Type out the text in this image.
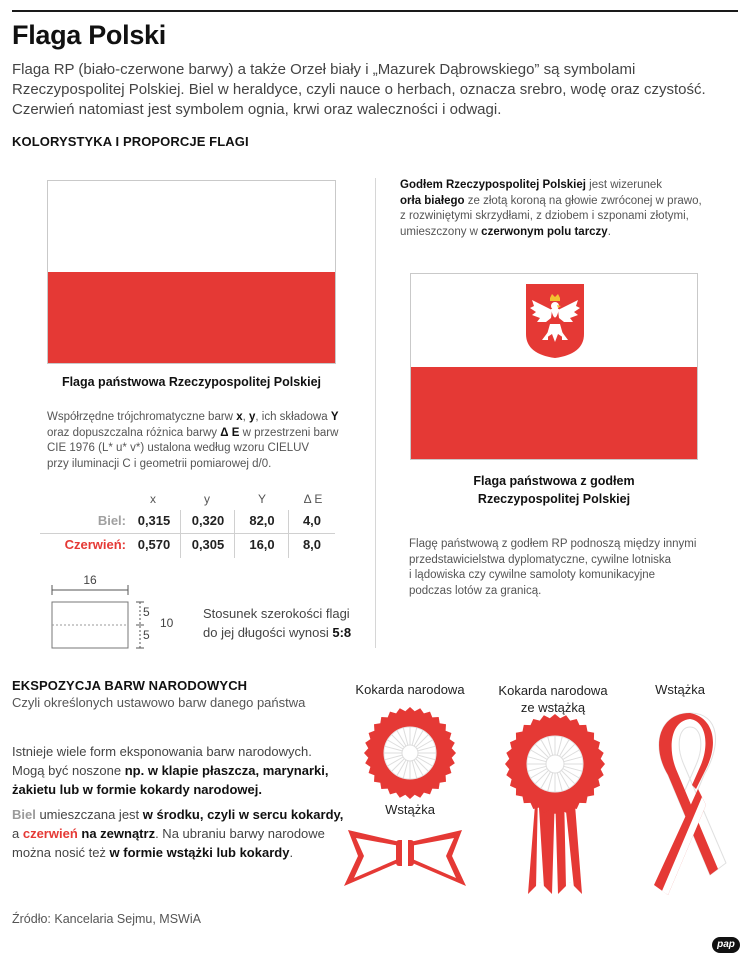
Flaga Polski
Flaga RP (biało-czerwone barwy) a także Orzeł biały i „Mazurek Dąbrowskiego” są symbolami Rzeczypospolitej Polskiej. Biel w heraldyce, czyli nauce o herbach, oznacza srebro, wodę oraz czystość. Czerwień natomiast jest symbolem ognia, krwi oraz waleczności i odwagi.
KOLORYSTYKA I PROPORCJE FLAGI
Flaga państwowa Rzeczypospolitej Polskiej
Współrzędne trójchromatyczne barw x, y, ich składowa Y
oraz dopuszczalna różnica barwy Δ E w przestrzeni barw
CIE 1976 (L* u* v*) ustalona według wzoru CIELUV
przy iluminacji C i geometrii pomiarowej d/0.
x	y	Y	Δ E
Biel: 0,315	0,320	82,0	4,0
Czerwień: 0,570	0,305	16,0	8,0
16
5
5
10
Stosunek szerokości flagi
do jej długości wynosi 5:8
Godłem Rzeczypospolitej Polskiej jest wizerunek
orła białego ze złotą koroną na głowie zwróconej w prawo,
z rozwiniętymi skrzydłami, z dziobem i szponami złotymi,
umieszczony w czerwonym polu tarczy.
Flaga państwowa z godłem
Rzeczypospolitej Polskiej
Flagę państwową z godłem RP podnoszą między innymi
przedstawicielstwa dyplomatyczne, cywilne lotniska
i lądowiska czy cywilne samoloty komunikacyjne
podczas lotów za granicą.
EKSPOZYCJA BARW NARODOWYCH
Czyli określonych ustawowo barw danego państwa
Istnieje wiele form eksponowania barw narodowych.
Mogą być noszone np. w klapie płaszcza, marynarki,
żakietu lub w formie kokardy narodowej.
Biel umieszczana jest w środku, czyli w sercu kokardy,
a czerwień na zewnątrz. Na ubraniu barwy narodowe
można nosić też w formie wstążki lub kokardy.
Kokarda narodowa	Kokarda narodowa
ze wstążką
Wstążka
Wstążka
Źródło: Kancelaria Sejmu, MSWiA
pap
